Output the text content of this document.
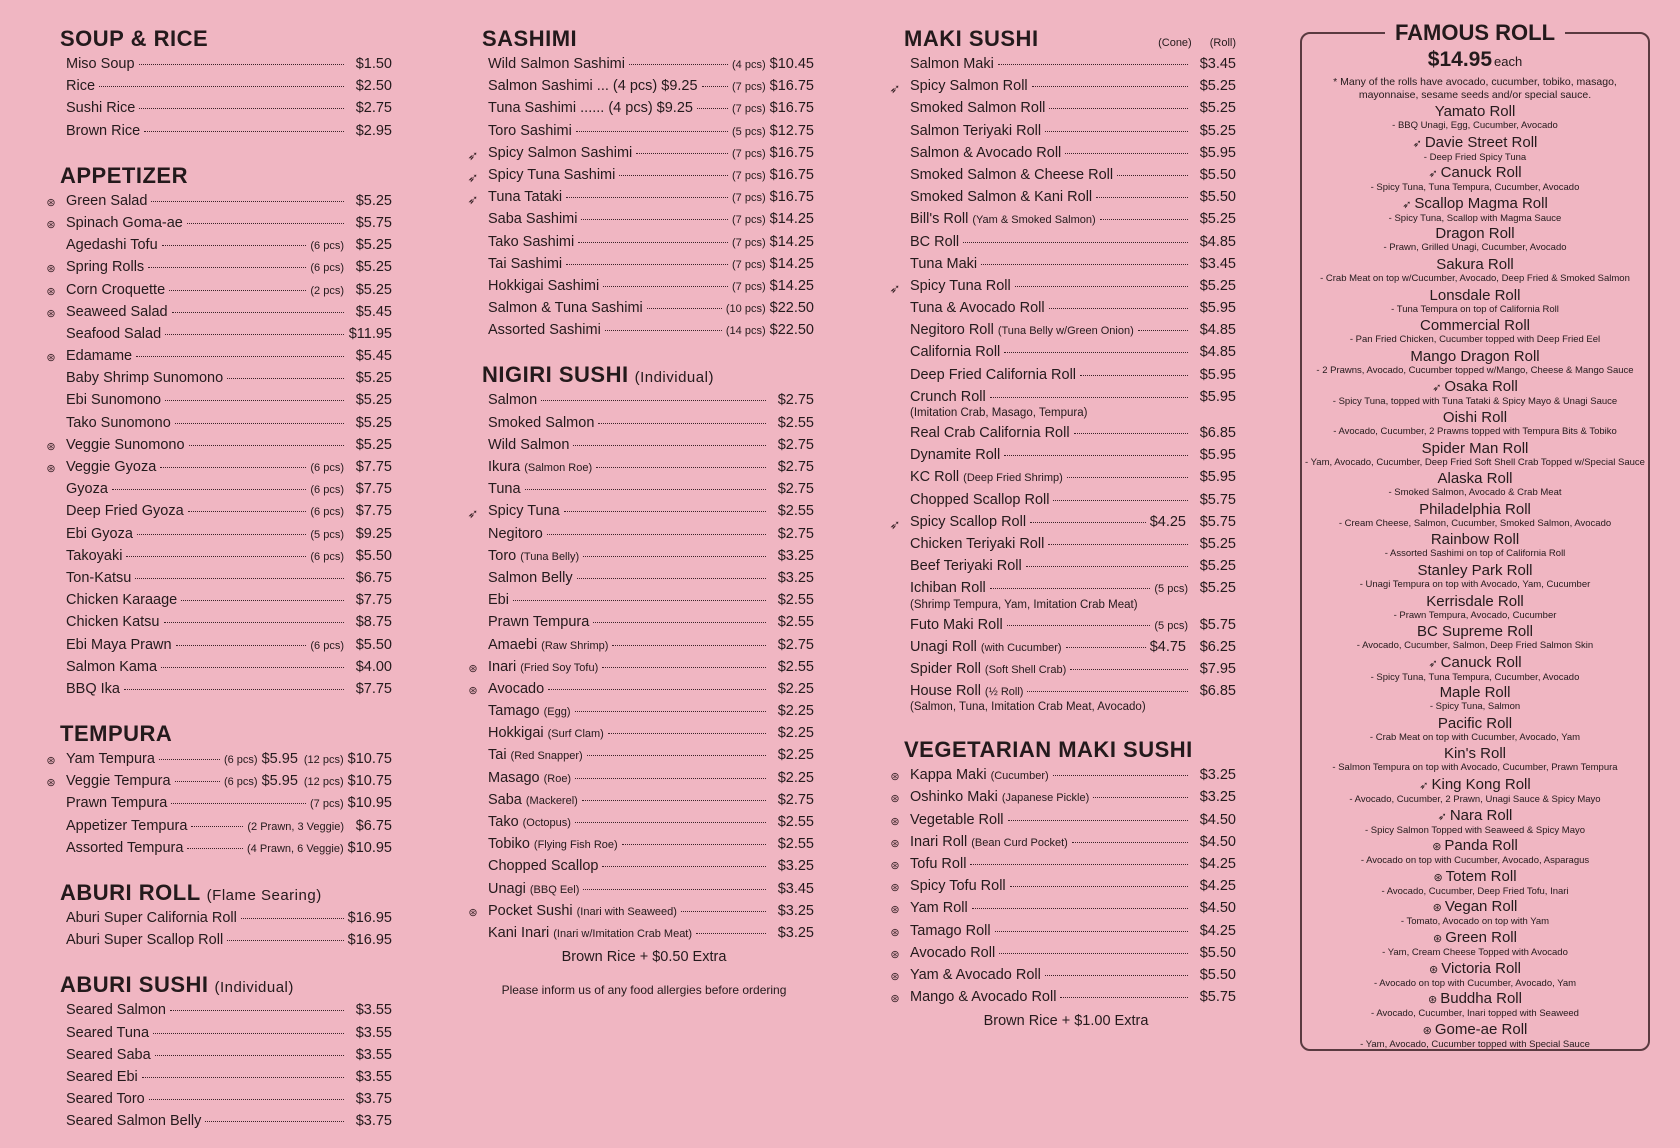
SOUP & RICE
Miso Soup	$1.50
Rice	$2.50
Sushi Rice	$2.75
Brown Rice	$2.95
APPETIZER
⊛ Green Salad	$5.25
⊛ Spinach Goma-ae	$5.75
Agedashi Tofu	(6 pcs) $5.25
⊛ Spring Rolls	(6 pcs) $5.25
⊛ Corn Croquette	(2 pcs) $5.25
⊛ Seaweed Salad	$5.45
Seafood Salad	$11.95
⊛ Edamame	$5.45
Baby Shrimp Sunomono	$5.25
Ebi Sunomono	$5.25
Tako Sunomono	$5.25
⊛ Veggie Sunomono	$5.25
⊛ Veggie Gyoza	(6 pcs) $7.75
Gyoza	(6 pcs) $7.75
Deep Fried Gyoza	(6 pcs) $7.75
Ebi Gyoza	(5 pcs) $9.25
Takoyaki	(6 pcs) $5.50
Ton-Katsu	$6.75
Chicken Karaage	$7.75
Chicken Katsu	$8.75
Ebi Maya Prawn	(6 pcs) $5.50
Salmon Kama	$4.00
BBQ Ika	$7.75
TEMPURA
⊛ Yam Tempura	(6 pcs) $5.95 (12 pcs) $10.75
⊛ Veggie Tempura	(6 pcs) $5.95 (12 pcs) $10.75
Prawn Tempura	(7 pcs) $10.95
Appetizer Tempura	(2 Prawn, 3 Veggie) $6.75
Assorted Tempura	(4 Prawn, 6 Veggie) $10.95
ABURI ROLL (Flame Searing)
Aburi Super California Roll	$16.95
Aburi Super Scallop Roll	$16.95
ABURI SUSHI (Individual)
Seared Salmon	$3.55
Seared Tuna	$3.55
Seared Saba	$3.55
Seared Ebi	$3.55
Seared Toro	$3.75
Seared Salmon Belly	$3.75
SASHIMI
Wild Salmon Sashimi	(4 pcs) $10.45
Salmon Sashimi ... (4 pcs) $9.25	(7 pcs) $16.75
Tuna Sashimi ...... (4 pcs) $9.25	(7 pcs) $16.75
Toro Sashimi	(5 pcs) $12.75
➶ Spicy Salmon Sashimi	(7 pcs) $16.75
➶ Spicy Tuna Sashimi	(7 pcs) $16.75
➶ Tuna Tataki	(7 pcs) $16.75
Saba Sashimi	(7 pcs) $14.25
Tako Sashimi	(7 pcs) $14.25
Tai Sashimi	(7 pcs) $14.25
Hokkigai Sashimi	(7 pcs) $14.25
Salmon & Tuna Sashimi	(10 pcs) $22.50
Assorted Sashimi	(14 pcs) $22.50
NIGIRI SUSHI (Individual)
Salmon	$2.75
Smoked Salmon	$2.55
Wild Salmon	$2.75
Ikura (Salmon Roe)	$2.75
Tuna	$2.75
➶ Spicy Tuna	$2.55
Negitoro	$2.75
Toro (Tuna Belly)	$3.25
Salmon Belly	$3.25
Ebi	$2.55
Prawn Tempura	$2.55
Amaebi (Raw Shrimp)	$2.75
⊛ Inari (Fried Soy Tofu)	$2.55
⊛ Avocado	$2.25
Tamago (Egg)	$2.25
Hokkigai (Surf Clam)	$2.25
Tai (Red Snapper)	$2.25
Masago (Roe)	$2.25
Saba (Mackerel)	$2.75
Tako (Octopus)	$2.55
Tobiko (Flying Fish Roe)	$2.55
Chopped Scallop	$3.25
Unagi (BBQ Eel)	$3.45
⊛ Pocket Sushi (Inari with Seaweed)	$3.25
Kani Inari (Inari w/Imitation Crab Meat)	$3.25
Brown Rice + $0.50 Extra
Please inform us of any food allergies before ordering
MAKI SUSHI	(Cone) (Roll)
Salmon Maki	$3.45
➶ Spicy Salmon Roll	$5.25
Smoked Salmon Roll	$5.25
Salmon Teriyaki Roll	$5.25
Salmon & Avocado Roll	$5.95
Smoked Salmon & Cheese Roll	$5.50
Smoked Salmon & Kani Roll	$5.50
Bill's Roll (Yam & Smoked Salmon)	$5.25
BC Roll	$4.85
Tuna Maki	$3.45
➶ Spicy Tuna Roll	$5.25
Tuna & Avocado Roll	$5.95
Negitoro Roll (Tuna Belly w/Green Onion)	$4.85
California Roll	$4.85
Deep Fried California Roll	$5.95
Crunch Roll	$5.95
(Imitation Crab, Masago, Tempura)
Real Crab California Roll	$6.85
Dynamite Roll	$5.95
KC Roll (Deep Fried Shrimp)	$5.95
Chopped Scallop Roll	$5.75
➶ Spicy Scallop Roll	$4.25 $5.75
Chicken Teriyaki Roll	$5.25
Beef Teriyaki Roll	$5.25
Ichiban Roll	(5 pcs) $5.25
(Shrimp Tempura, Yam, Imitation Crab Meat)
Futo Maki Roll	(5 pcs) $5.75
Unagi Roll (with Cucumber)	$4.75 $6.25
Spider Roll (Soft Shell Crab)	$7.95
House Roll (½ Roll)	$6.85
(Salmon, Tuna, Imitation Crab Meat, Avocado)
VEGETARIAN MAKI SUSHI
⊛ Kappa Maki (Cucumber)	$3.25
⊛ Oshinko Maki (Japanese Pickle)	$3.25
⊛ Vegetable Roll	$4.50
⊛ Inari Roll (Bean Curd Pocket)	$4.50
⊛ Tofu Roll	$4.25
⊛ Spicy Tofu Roll	$4.25
⊛ Yam Roll	$4.50
⊛ Tamago Roll	$4.25
⊛ Avocado Roll	$5.50
⊛ Yam & Avocado Roll	$5.50
⊛ Mango & Avocado Roll	$5.75
Brown Rice + $1.00 Extra
FAMOUS ROLL
$14.95 each
* Many of the rolls have avocado, cucumber, tobiko, masago, mayonnaise, sesame seeds and/or special sauce.
Yamato Roll
- BBQ Unagi, Egg, Cucumber, Avocado
➶ Davie Street Roll
- Deep Fried Spicy Tuna
➶ Canuck Roll
- Spicy Tuna, Tuna Tempura, Cucumber, Avocado
➶ Scallop Magma Roll
- Spicy Tuna, Scallop with Magma Sauce
Dragon Roll
- Prawn, Grilled Unagi, Cucumber, Avocado
Sakura Roll
- Crab Meat on top w/Cucumber, Avocado, Deep Fried & Smoked Salmon
Lonsdale Roll
- Tuna Tempura on top of California Roll
Commercial Roll
- Pan Fried Chicken, Cucumber topped with Deep Fried Eel
Mango Dragon Roll
- 2 Prawns, Avocado, Cucumber topped w/Mango, Cheese & Mango Sauce
➶ Osaka Roll
- Spicy Tuna, topped with Tuna Tataki & Spicy Mayo & Unagi Sauce
Oishi Roll
- Avocado, Cucumber, 2 Prawns topped with Tempura Bits & Tobiko
Spider Man Roll
- Yam, Avocado, Cucumber, Deep Fried Soft Shell Crab Topped w/Special Sauce
Alaska Roll
- Smoked Salmon, Avocado & Crab Meat
Philadelphia Roll
- Cream Cheese, Salmon, Cucumber, Smoked Salmon, Avocado
Rainbow Roll
- Assorted Sashimi on top of California Roll
Stanley Park Roll
- Unagi Tempura on top with Avocado, Yam, Cucumber
Kerrisdale Roll
- Prawn Tempura, Avocado, Cucumber
BC Supreme Roll
- Avocado, Cucumber, Salmon, Deep Fried Salmon Skin
➶ Canuck Roll
- Spicy Tuna, Tuna Tempura, Cucumber, Avocado
Maple Roll
- Spicy Tuna, Salmon
Pacific Roll
- Crab Meat on top with Cucumber, Avocado, Yam
Kin's Roll
- Salmon Tempura on top with Avocado, Cucumber, Prawn Tempura
➶ King Kong Roll
- Avocado, Cucumber, 2 Prawn, Unagi Sauce & Spicy Mayo
➶ Nara Roll
- Spicy Salmon Topped with Seaweed & Spicy Mayo
⊛ Panda Roll
- Avocado on top with Cucumber, Avocado, Asparagus
⊛ Totem Roll
- Avocado, Cucumber, Deep Fried Tofu, Inari
⊛ Vegan Roll
- Tomato, Avocado on top with Yam
⊛ Green Roll
- Yam, Cream Cheese Topped with Avocado
⊛ Victoria Roll
- Avocado on top with Cucumber, Avocado, Yam
⊛ Buddha Roll
- Avocado, Cucumber, Inari topped with Seaweed
⊛ Gome-ae Roll
- Yam, Avocado, Cucumber topped with Special Sauce
